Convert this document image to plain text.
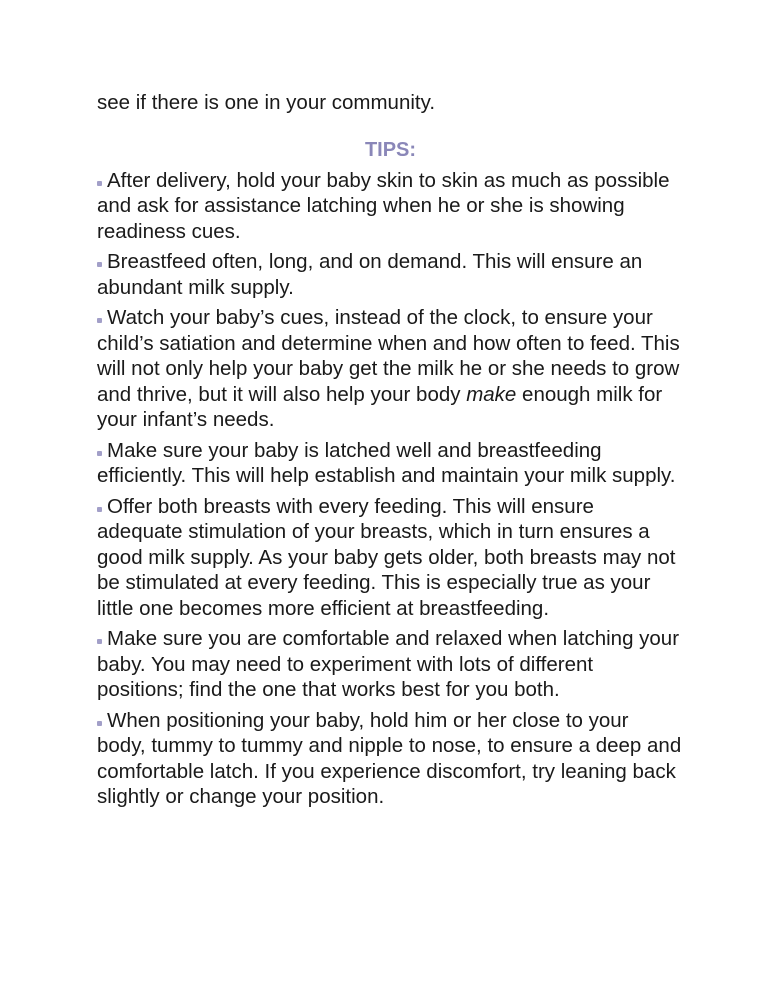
see if there is one in your community.

TIPS:

After delivery, hold your baby skin to skin as much as possible and ask for assistance latching when he or she is showing readiness cues.

Breastfeed often, long, and on demand. This will ensure an abundant milk supply.

Watch your baby’s cues, instead of the clock, to ensure your child’s satiation and determine when and how often to feed. This will not only help your baby get the milk he or she needs to grow and thrive, but it will also help your body make enough milk for your infant’s needs.

Make sure your baby is latched well and breastfeeding efficiently. This will help establish and maintain your milk supply.

Offer both breasts with every feeding. This will ensure adequate stimulation of your breasts, which in turn ensures a good milk supply. As your baby gets older, both breasts may not be stimulated at every feeding. This is especially true as your little one becomes more efficient at breastfeeding.

Make sure you are comfortable and relaxed when latching your baby. You may need to experiment with lots of different positions; find the one that works best for you both.

When positioning your baby, hold him or her close to your body, tummy to tummy and nipple to nose, to ensure a deep and comfortable latch. If you experience discomfort, try leaning back slightly or change your position.
